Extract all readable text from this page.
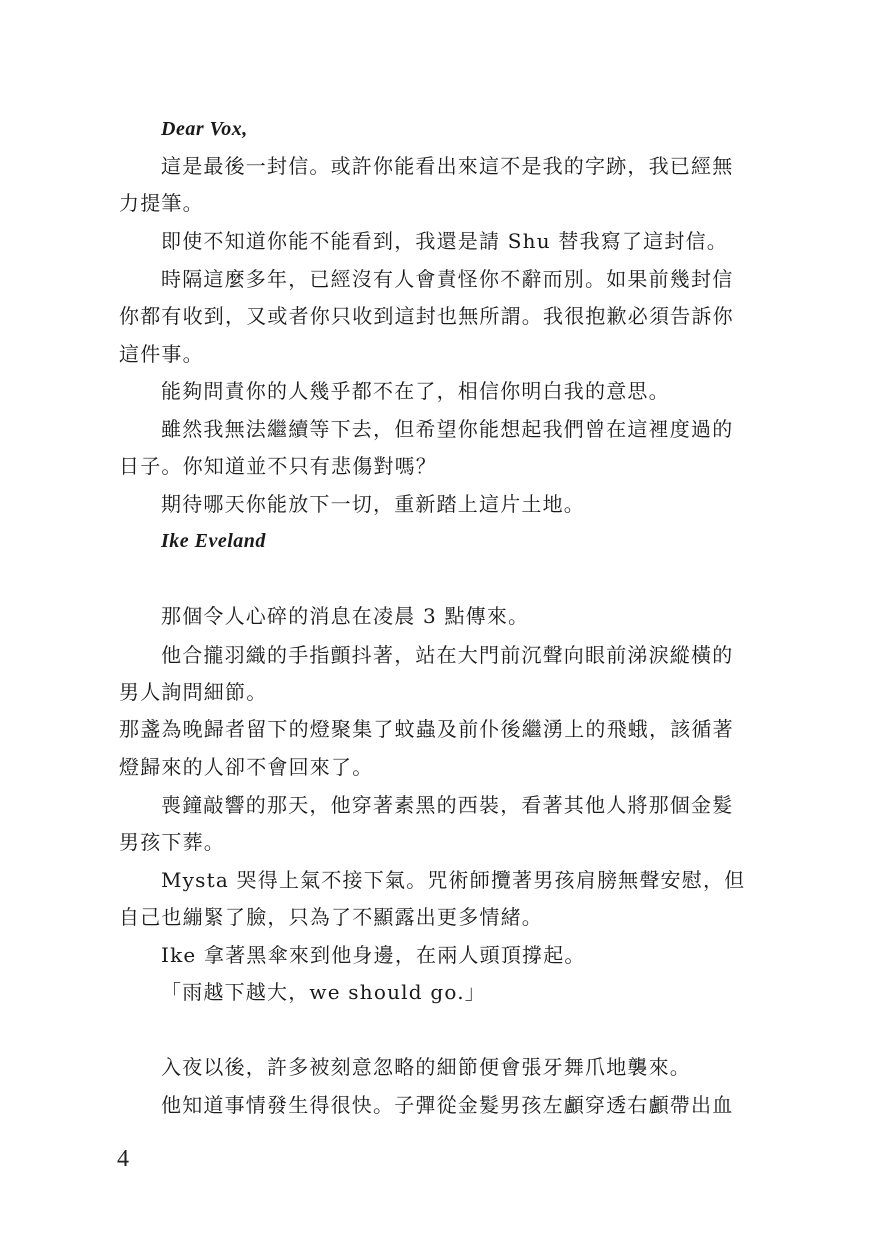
Dear Vox,
這是最後一封信。或許你能看出來這不是我的字跡，我已經無
力提筆。
即使不知道你能不能看到，我還是請 Shu 替我寫了這封信。
時隔這麼多年，已經沒有人會責怪你不辭而別。如果前幾封信
你都有收到，又或者你只收到這封也無所謂。我很抱歉必須告訴你
這件事。
能夠問責你的人幾乎都不在了，相信你明白我的意思。
雖然我無法繼續等下去，但希望你能想起我們曾在這裡度過的
日子。你知道並不只有悲傷對嗎？
期待哪天你能放下一切，重新踏上這片土地。
Ike Eveland
那個令人心碎的消息在凌晨 3 點傳來。
他合攏羽織的手指顫抖著，站在大門前沉聲向眼前涕淚縱橫的
男人詢問細節。
那盞為晚歸者留下的燈聚集了蚊蟲及前仆後繼湧上的飛蛾，該循著
燈歸來的人卻不會回來了。
喪鐘敲響的那天，他穿著素黑的西裝，看著其他人將那個金髮
男孩下葬。
Mysta 哭得上氣不接下氣。咒術師攬著男孩肩膀無聲安慰，但
自己也繃緊了臉，只為了不顯露出更多情緒。
Ike 拿著黑傘來到他身邊，在兩人頭頂撐起。
「雨越下越大，we should go.」
入夜以後，許多被刻意忽略的細節便會張牙舞爪地襲來。
他知道事情發生得很快。子彈從金髮男孩左顱穿透右顱帶出血
4
